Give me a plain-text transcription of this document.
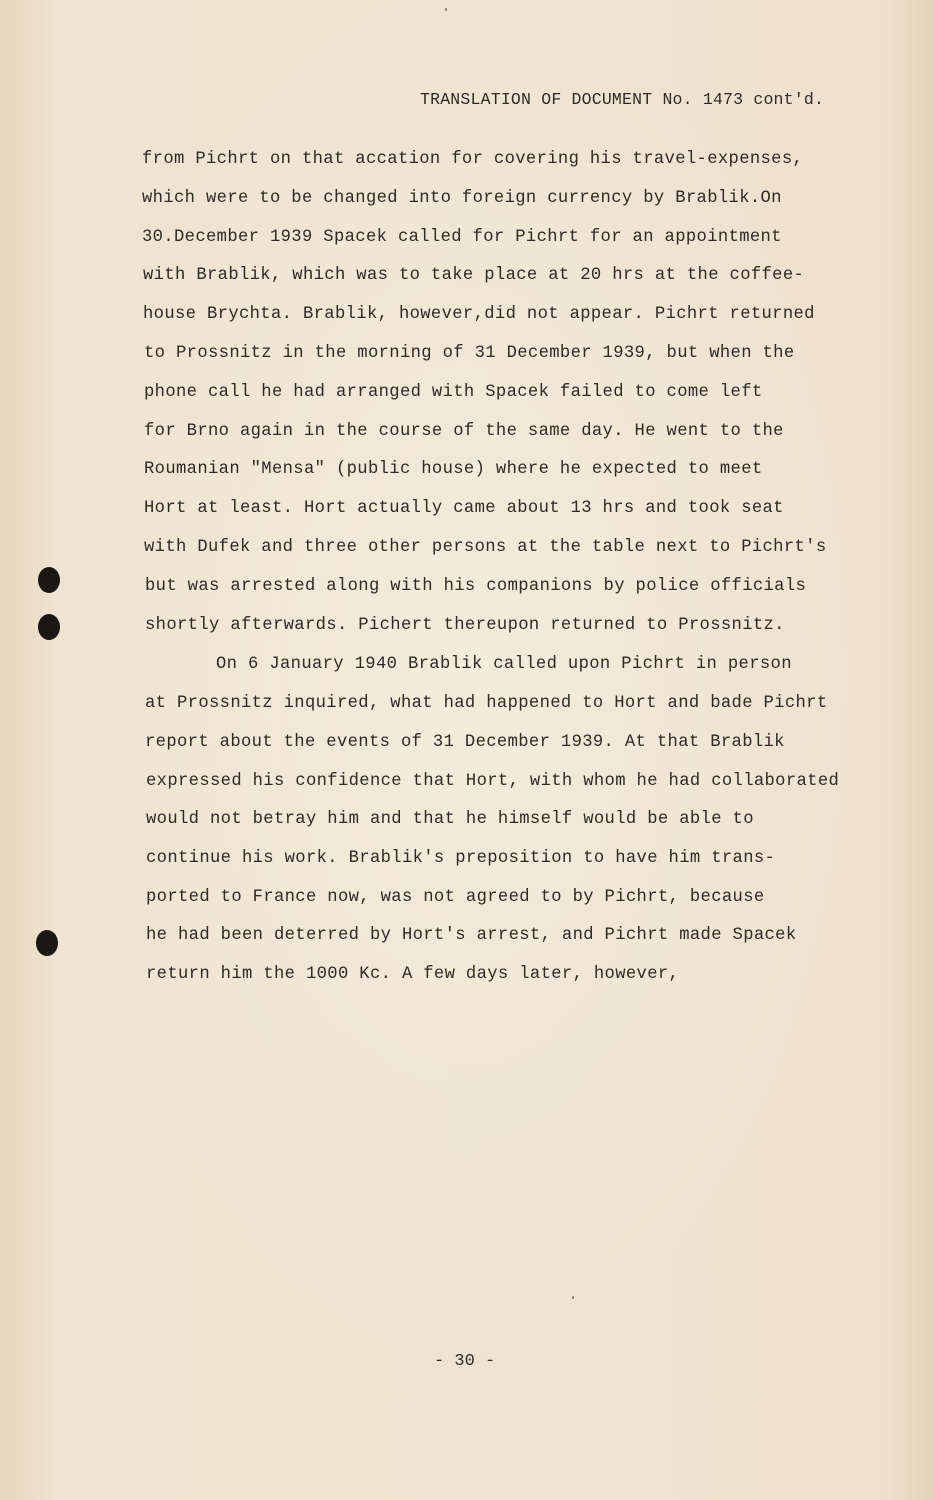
TRANSLATION OF DOCUMENT No. 1473 cont'd.
from Pichrt on that accation for covering his travel-expenses,
which were to be changed into foreign currency by Brablik.On
30.December 1939 Spacek called for Pichrt for an appointment
with Brablik, which was to take place at 20 hrs at the coffee-
house Brychta. Brablik, however,did not appear. Pichrt returned
to Prossnitz in the morning of 31 December 1939, but when the
phone call he had arranged with Spacek failed to come left
for Brno again in the course of the same day. He went to the
Roumanian "Mensa" (public house) where he expected to meet
Hort at least. Hort actually came about 13 hrs and took seat
with Dufek and three other persons at the table next to Pichrt's
but was arrested along with his companions by police officials
shortly afterwards. Pichert thereupon returned to Prossnitz.
On 6 January 1940 Brablik called upon Pichrt in person
at Prossnitz inquired, what had happened to Hort and bade Pichrt
report about the events of 31 December 1939. At that Brablik
expressed his confidence that Hort, with whom he had collaborated
would not betray him and that he himself would be able to
continue his work. Brablik's preposition to have him trans-
ported to France now, was not agreed to by Pichrt, because
he had been deterred by Hort's arrest, and Pichrt made Spacek
return him the 1000 Kc. A few days later, however,
- 30 -
